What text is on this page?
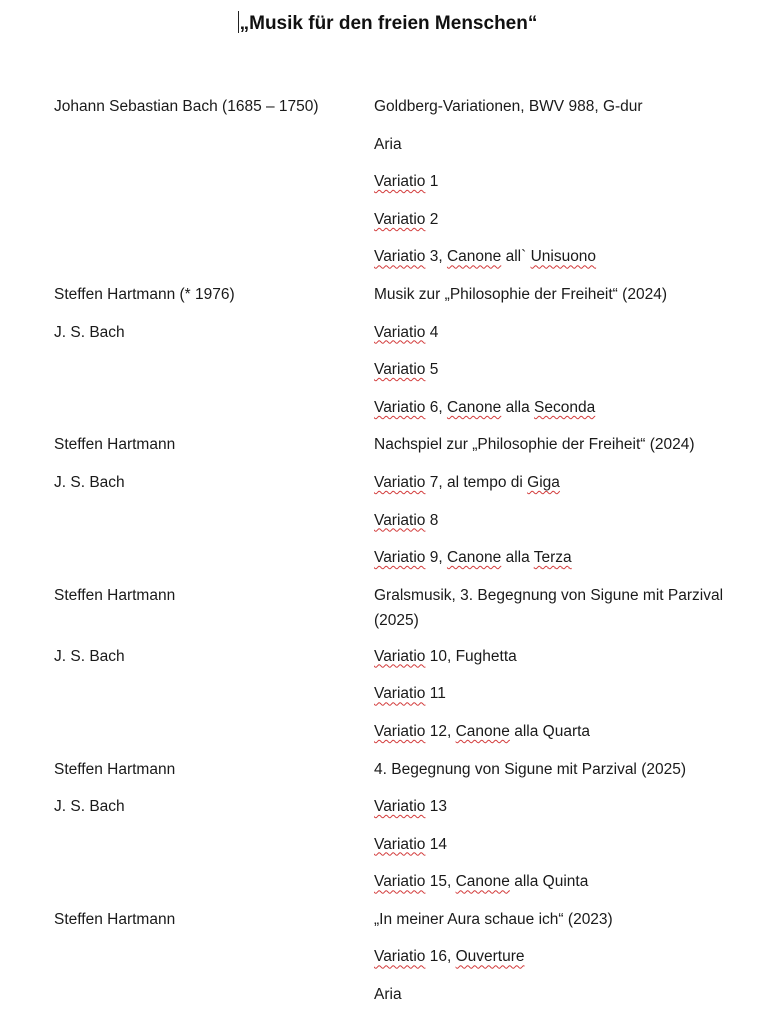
„Musik für den freien Menschen“
Johann Sebastian Bach (1685 – 1750)	Goldberg-Variationen, BWV 988, G-dur
Aria
Variatio 1
Variatio 2
Variatio 3, Canone all` Unisuono
Steffen Hartmann (* 1976)	Musik zur „Philosophie der Freiheit“ (2024)
J. S. Bach	Variatio 4
Variatio 5
Variatio 6, Canone alla Seconda
Steffen Hartmann	Nachspiel zur „Philosophie der Freiheit“ (2024)
J. S. Bach	Variatio 7, al tempo di Giga
Variatio 8
Variatio 9, Canone alla Terza
Steffen Hartmann	Gralsmusik, 3. Begegnung von Sigune mit Parzival (2025)
J. S. Bach	Variatio 10, Fughetta
Variatio 11
Variatio 12, Canone alla Quarta
Steffen Hartmann	4. Begegnung von Sigune mit Parzival (2025)
J. S. Bach	Variatio 13
Variatio 14
Variatio 15, Canone alla Quinta
Steffen Hartmann	„In meiner Aura schaue ich“ (2023)
Variatio 16, Ouverture
Aria
